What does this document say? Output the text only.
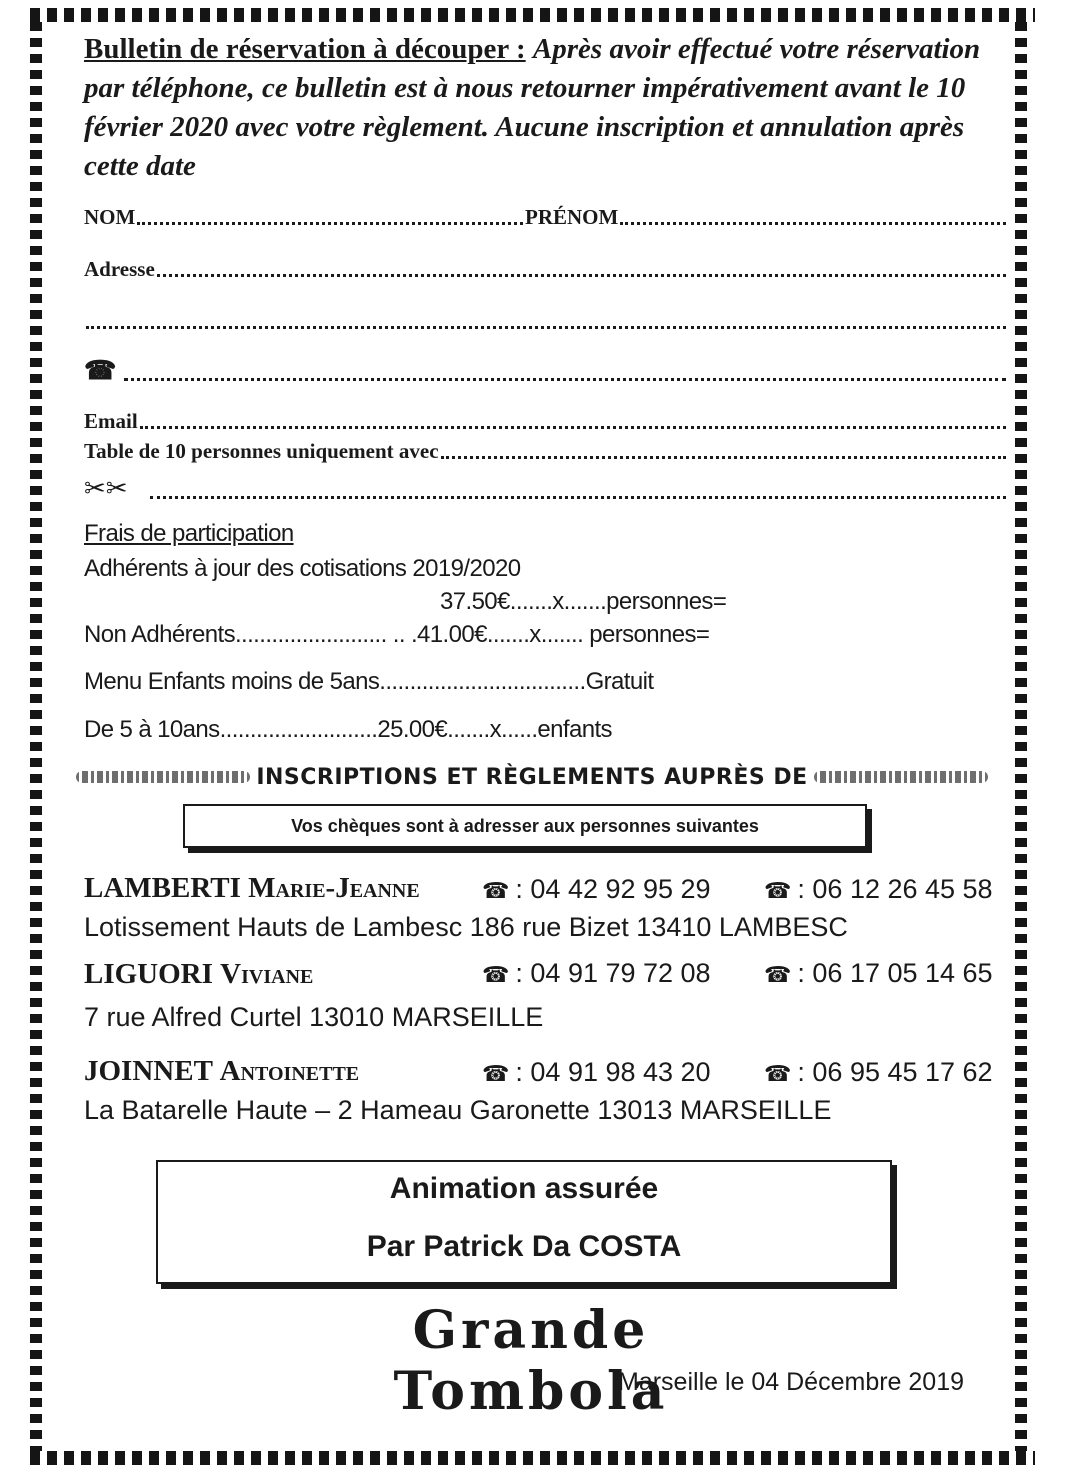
Bulletin de réservation à découper : Après avoir effectué votre réservation par téléphone, ce bulletin est à nous retourner impérativement avant le 10 février 2020 avec votre règlement. Aucune inscription et annulation après cette date

NOM	PRÉNOM
Adresse
☎
Email
Table de 10 personnes uniquement avec
✂✂
Frais de participation
Adhérents à jour des cotisations 2019/2020
37.50€.......x.......personnes=
Non Adhérents......................... .. .41.00€.......x....... personnes=
Menu Enfants moins de 5ans..................................Gratuit
De 5 à 10ans..........................25.00€.......x......enfants
INSCRIPTIONS ET RÈGLEMENTS AUPRÈS DE
Vos chèques sont à adresser aux personnes suivantes
LAMBERTI Marie-Jeanne	☎ : 04 42 92 95 29 ☎ : 06 12 26 45 58
Lotissement Hauts de Lambesc 186 rue Bizet 13410 LAMBESC
LIGUORI Viviane	☎ : 04 91 79 72 08 ☎ : 06 17 05 14 65
7 rue Alfred Curtel 13010 MARSEILLE
JOINNET Antoinette	☎ : 04 91 98 43 20 ☎ : 06 95 45 17 62
La Batarelle Haute – 2 Hameau Garonette 13013 MARSEILLE
Animation assurée
Par Patrick Da COSTA
Grande Tombola
Marseille le 04 Décembre 2019
